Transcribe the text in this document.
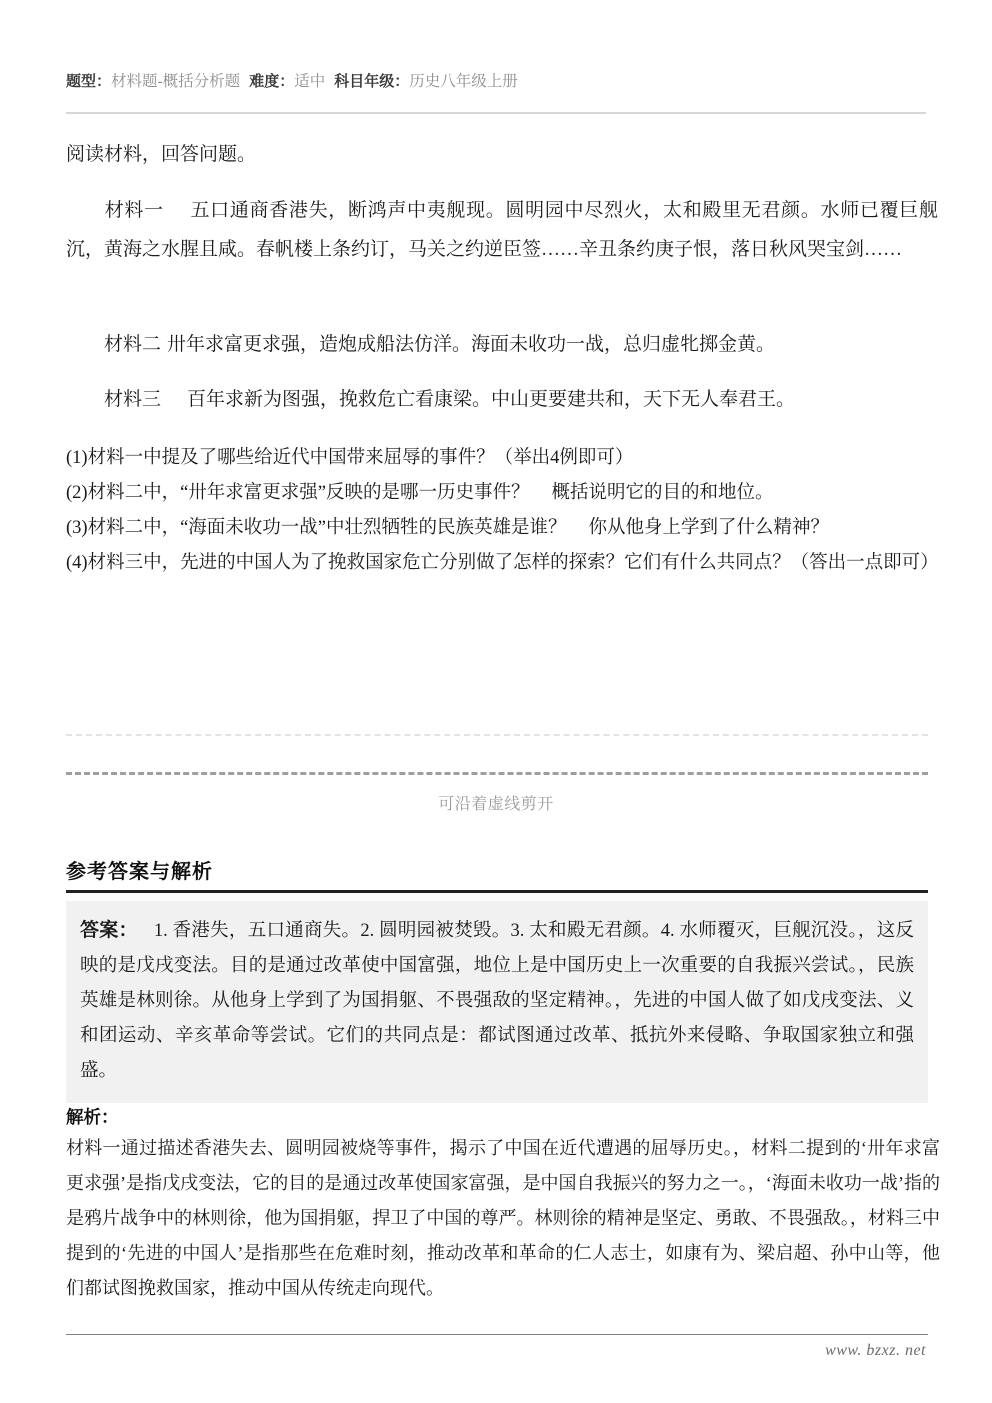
题型：材料题-概括分析题 难度：适中 科目年级：历史八年级上册
阅读材料，回答问题。
材料一 五口通商香港失，断鸿声中夷舰现。圆明园中尽烈火，太和殿里无君颜。水师已覆巨舰沉，黄海之水腥且咸。春帆楼上条约订，马关之约逆臣签……辛丑条约庚子恨，落日秋风哭宝剑……
材料二 卅年求富更求强，造炮成船法仿洋。海面未收功一战，总归虚牝掷金黄。
材料三 百年求新为图强，挽救危亡看康梁。中山更要建共和，天下无人奉君王。
(1)材料一中提及了哪些给近代中国带来屈辱的事件？（举出4例即可）
(2)材料二中，“卅年求富更求强”反映的是哪一历史事件？ 概括说明它的目的和地位。
(3)材料二中，“海面未收功一战”中壮烈牺牲的民族英雄是谁？ 你从他身上学到了什么精神？
(4)材料三中，先进的中国人为了挽救国家危亡分别做了怎样的探索？它们有什么共同点？（答出一点即可）
可沿着虚线剪开
参考答案与解析
答案： 1. 香港失，五口通商失。2. 圆明园被焚毁。3. 太和殿无君颜。4. 水师覆灭，巨舰沉没。，这反映的是戊戌变法。目的是通过改革使中国富强，地位上是中国历史上一次重要的自我振兴尝试。，民族英雄是林则徐。从他身上学到了为国捐躯、不畏强敌的坚定精神。，先进的中国人做了如戊戌变法、义和团运动、辛亥革命等尝试。它们的共同点是：都试图通过改革、抵抗外来侵略、争取国家独立和强盛。
解析：
材料一通过描述香港失去、圆明园被烧等事件，揭示了中国在近代遭遇的屈辱历史。，材料二提到的‘卅年求富更求强’是指戊戌变法，它的目的是通过改革使国家富强，是中国自我振兴的努力之一。，‘海面未收功一战’指的是鸦片战争中的林则徐，他为国捐躯，捍卫了中国的尊严。林则徐的精神是坚定、勇敢、不畏强敌。，材料三中提到的‘先进的中国人’是指那些在危难时刻，推动改革和革命的仁人志士，如康有为、梁启超、孙中山等，他们都试图挽救国家，推动中国从传统走向现代。
www. bzxz. net
